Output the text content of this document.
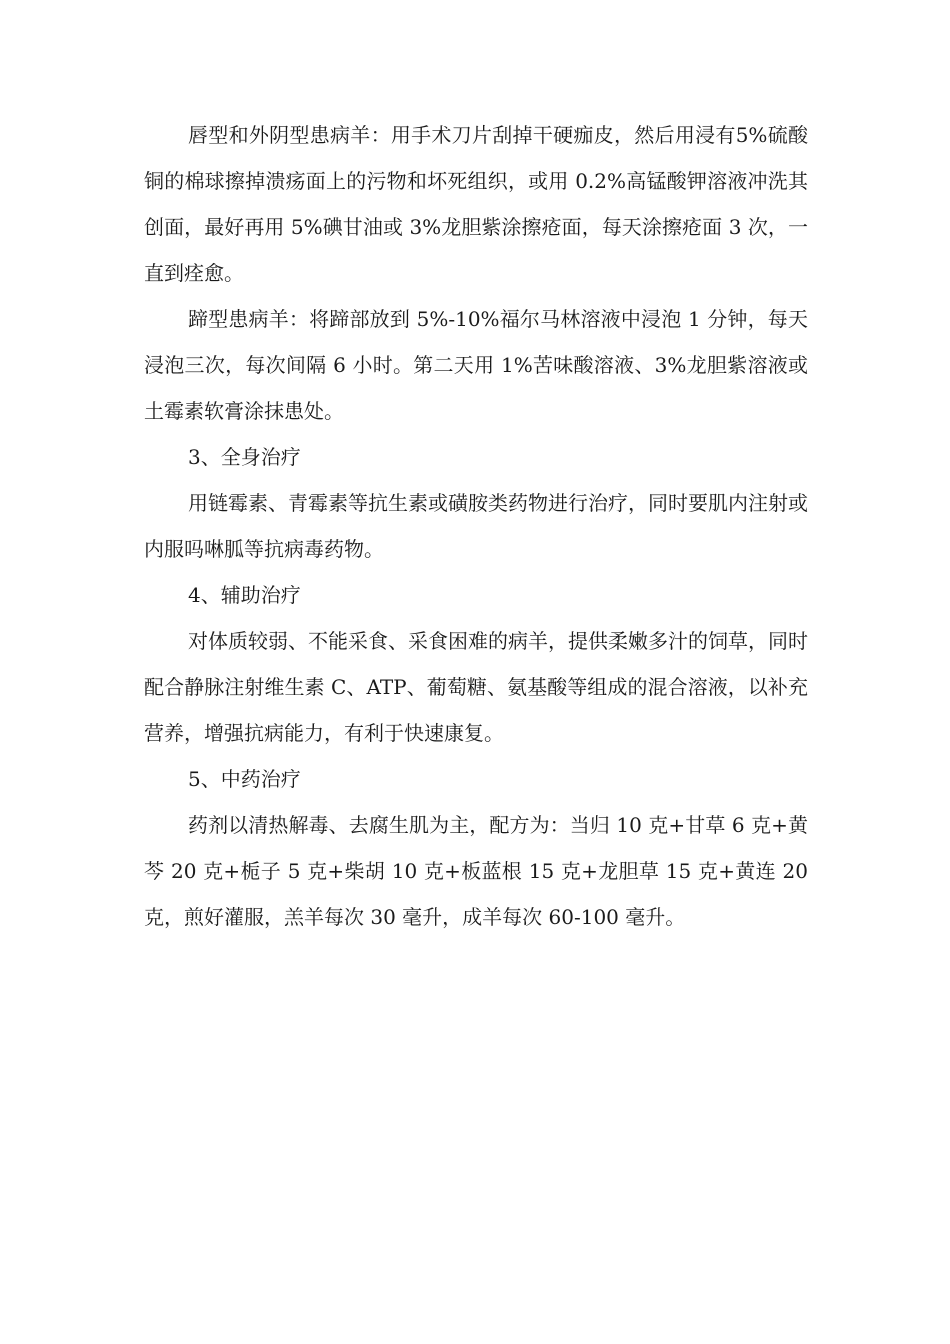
唇型和外阴型患病羊：用手术刀片刮掉干硬痂皮，然后用浸有5%硫酸铜的棉球擦掉溃疡面上的污物和坏死组织，或用 0.2%高锰酸钾溶液冲洗其创面，最好再用 5%碘甘油或 3%龙胆紫涂擦疮面，每天涂擦疮面 3 次，一直到痊愈。

蹄型患病羊：将蹄部放到 5%-10%福尔马林溶液中浸泡 1 分钟，每天浸泡三次，每次间隔 6 小时。第二天用 1%苦味酸溶液、3%龙胆紫溶液或土霉素软膏涂抹患处。

3、全身治疗

用链霉素、青霉素等抗生素或磺胺类药物进行治疗，同时要肌内注射或内服吗啉胍等抗病毒药物。

4、辅助治疗

对体质较弱、不能采食、采食困难的病羊，提供柔嫩多汁的饲草，同时配合静脉注射维生素 C、ATP、葡萄糖、氨基酸等组成的混合溶液，以补充营养，增强抗病能力，有利于快速康复。

5、中药治疗

药剂以清热解毒、去腐生肌为主，配方为：当归 10 克+甘草 6 克+黄芩 20 克+栀子 5 克+柴胡 10 克+板蓝根 15 克+龙胆草 15 克+黄连 20 克，煎好灌服，羔羊每次 30 毫升，成羊每次 60-100 毫升。
